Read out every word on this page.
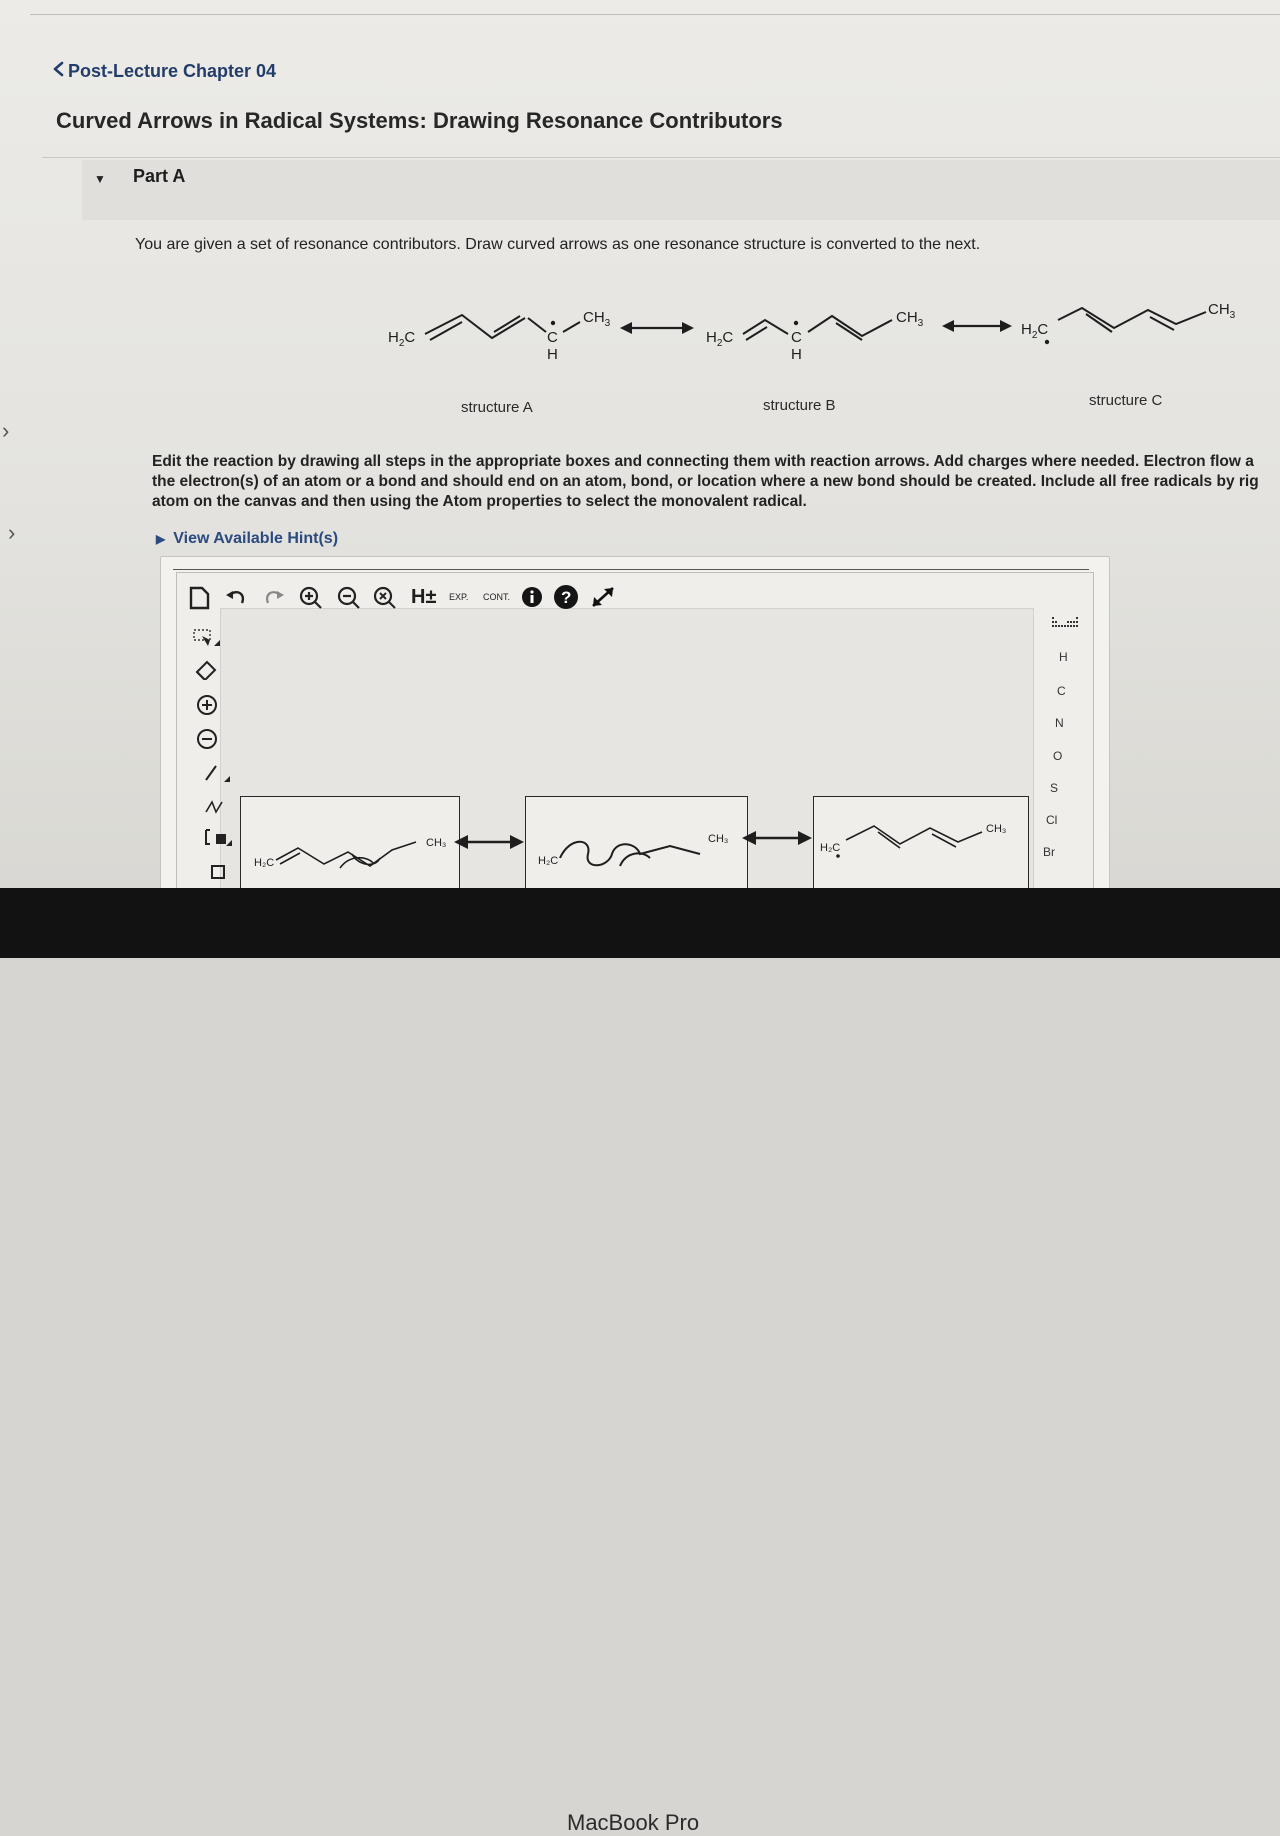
Post-Lecture Chapter 04
Curved Arrows in Radical Systems: Drawing Resonance Contributors
▼ Part A
You are given a set of resonance contributors. Draw curved arrows as one resonance structure is converted to the next.
$H_2C$	C
H
$CH_3$
$H_2C$	C
H
$CH_3$	$H_2C$
$CH_3$
structure A	structure B	structure C
Edit the reaction by drawing all steps in the appropriate boxes and connecting them with reaction arrows. Add charges where needed. Electron flow a
the electron(s) of an atom or a bond and should end on an atom, bond, or location where a new bond should be created. Include all free radicals by rig
atom on the canvas and then using the Atom properties to select the monovalent radical.
▶ View Available Hint(s)
H± EXP. CONT.	?
H
C
N
O
S
Cl
Br
H₂C
CH₃
H₂C
CH₃
H₂C
CH₃
›
›
MacBook Pro
